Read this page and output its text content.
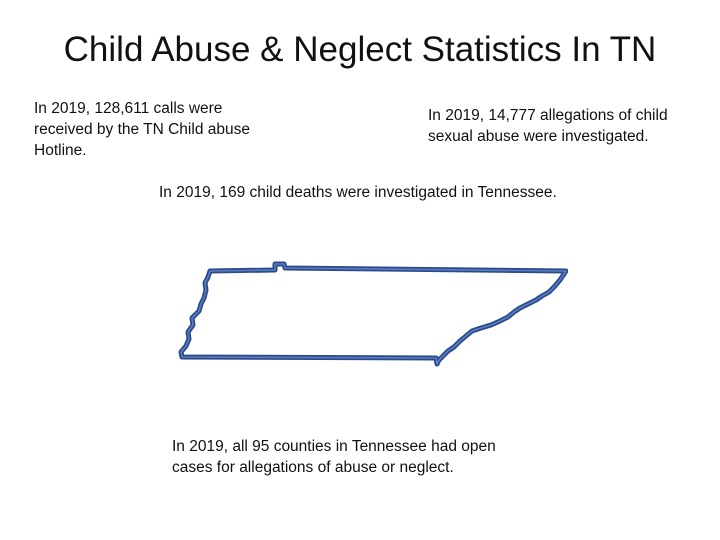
Child Abuse & Neglect Statistics In TN
In 2019, 128,611 calls were received by the TN Child abuse Hotline.
In 2019, 14,777 allegations of child sexual abuse were investigated.
In 2019, 169 child deaths were investigated in Tennessee.
In 2019, all 95 counties in Tennessee had open cases for allegations of abuse or neglect.
